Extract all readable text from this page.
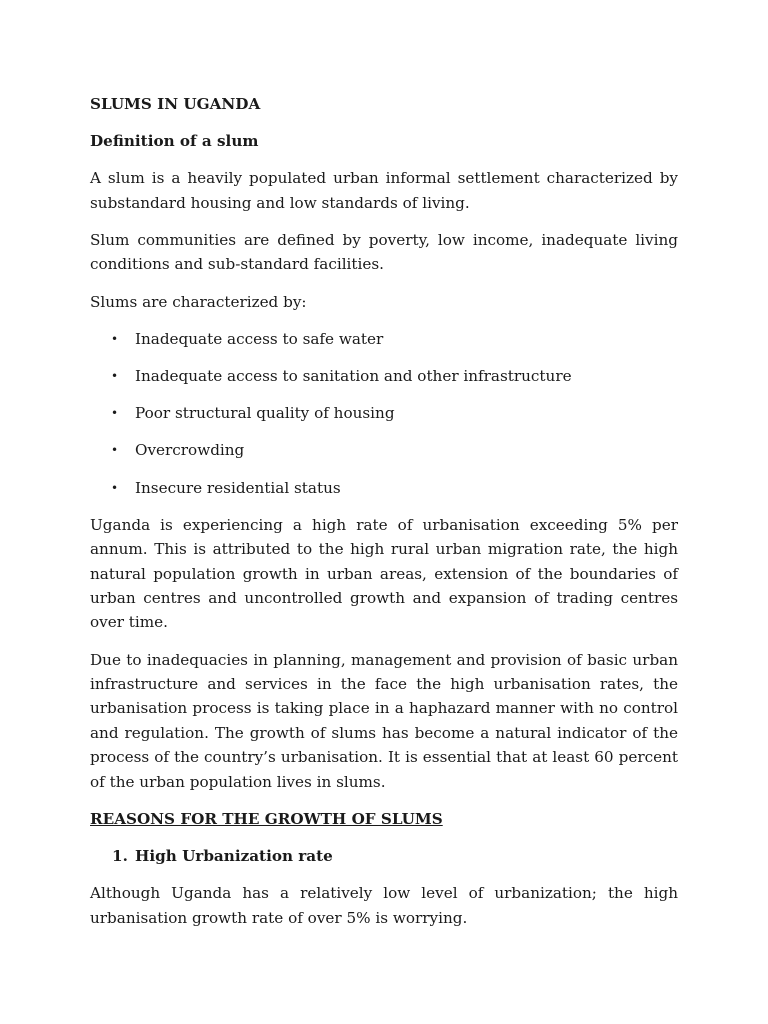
SLUMS IN UGANDA
Definition of a slum

A slum is a heavily populated urban informal settlement characterized by substandard housing and low standards of living.

Slum communities are defined by poverty, low income, inadequate living conditions and sub-standard facilities.

Slums are characterized by:

• Inadequate access to safe water
• Inadequate access to sanitation and other infrastructure
• Poor structural quality of housing
• Overcrowding
• Insecure residential status

Uganda is experiencing a high rate of urbanisation exceeding 5% per annum. This is attributed to the high rural urban migration rate, the high natural population growth in urban areas, extension of the boundaries of urban centres and uncontrolled growth and expansion of trading centres over time.

Due to inadequacies in planning, management and provision of basic urban infrastructure and services in the face the high urbanisation rates, the urbanisation process is taking place in a haphazard manner with no control and regulation. The growth of slums has become a natural indicator of the process of the country’s urbanisation. It is essential that at least 60 percent of the urban population lives in slums.

REASONS FOR THE GROWTH OF SLUMS
1. High Urbanization rate

Although Uganda has a relatively low level of urbanization; the high urbanisation growth rate of over 5% is worrying.
